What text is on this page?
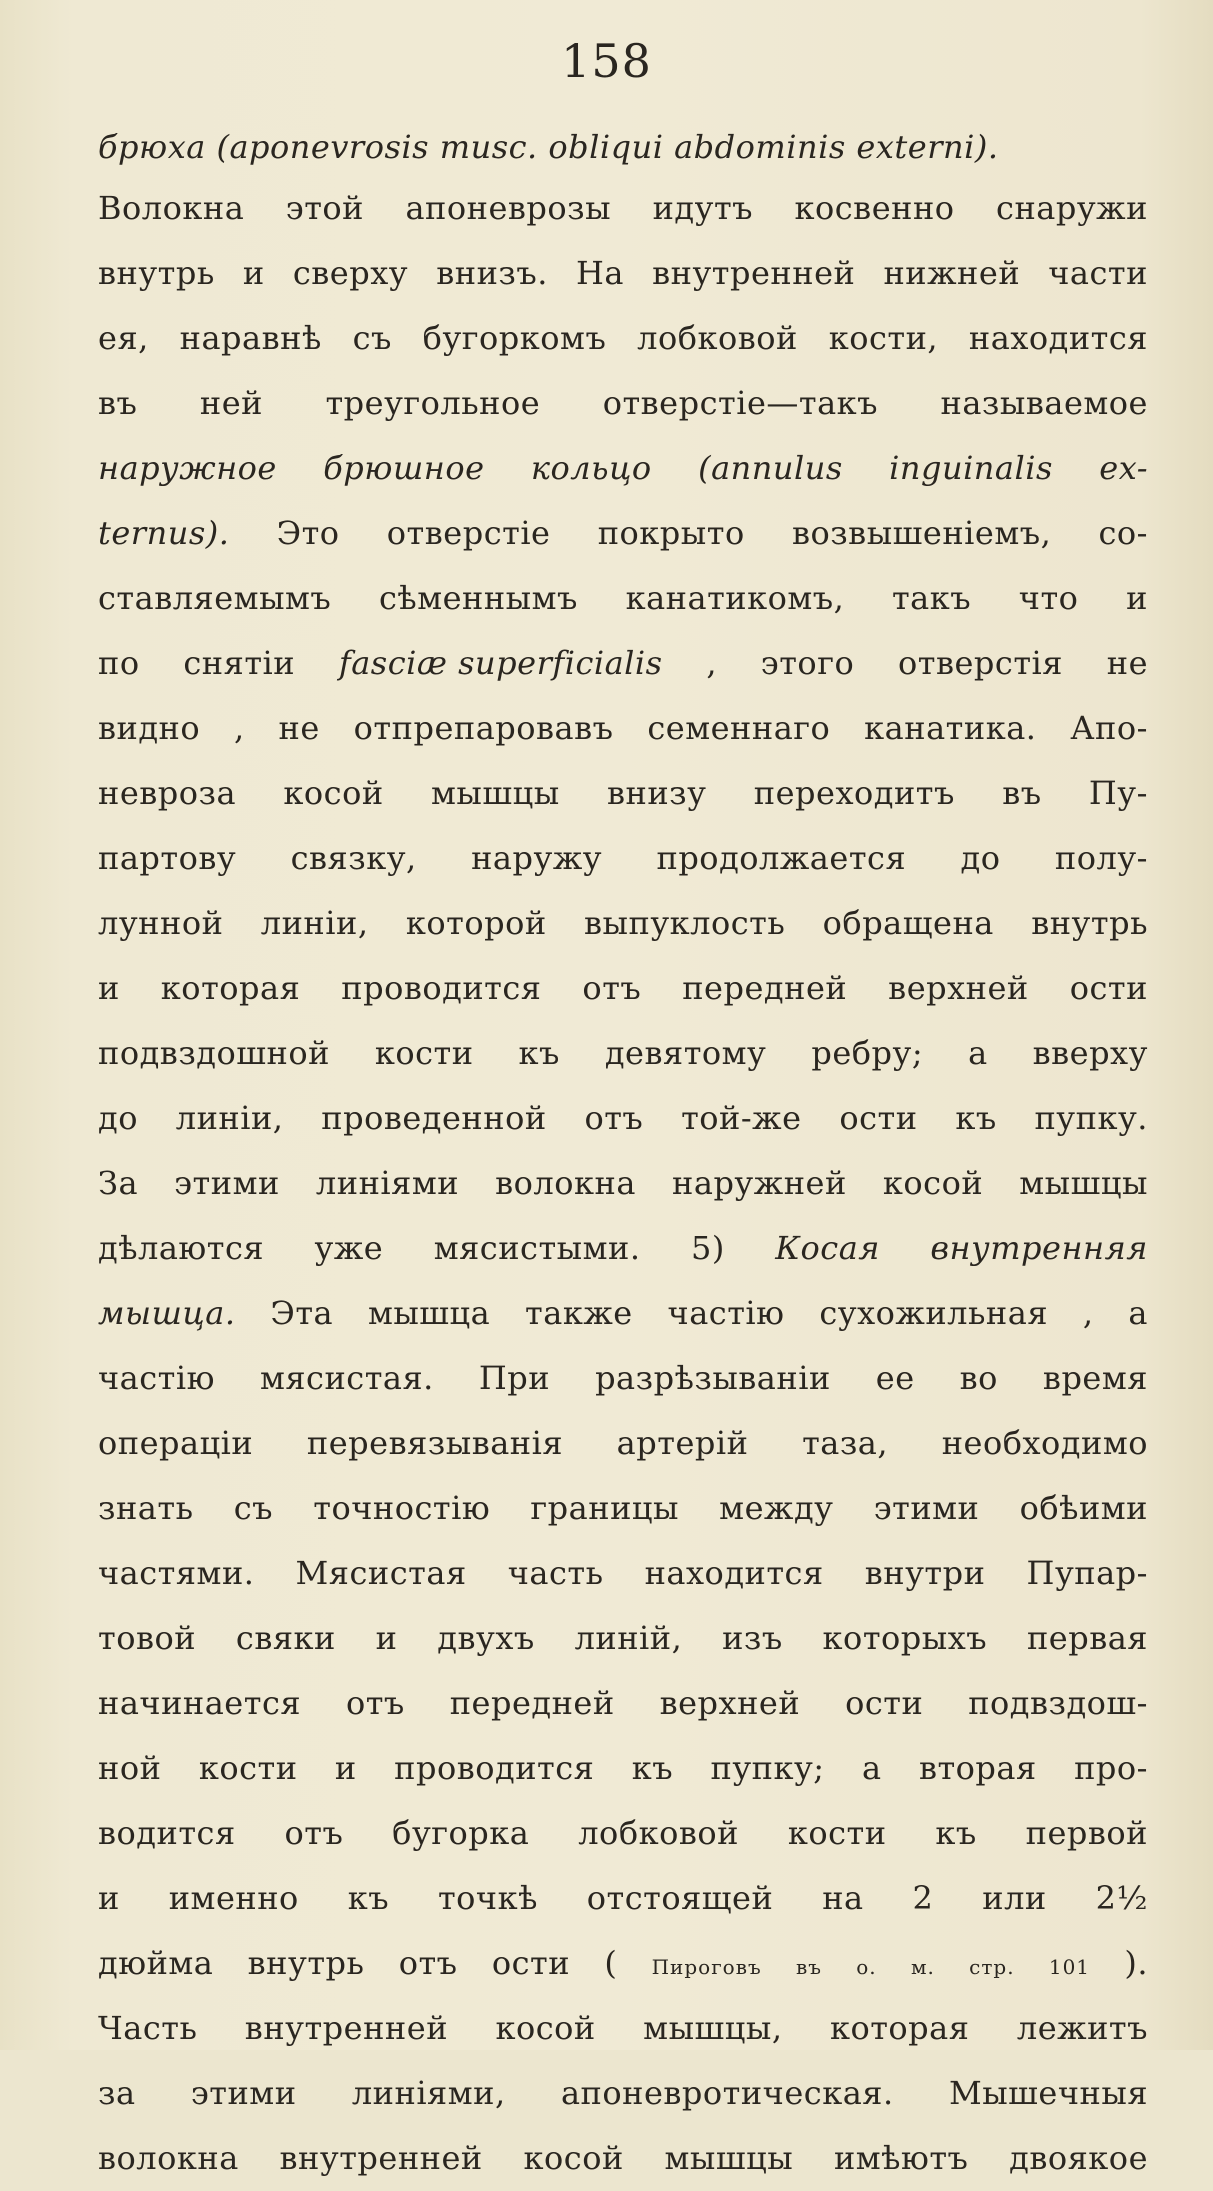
158
брюха (aponevrosis musc. obliqui abdominis externi).
Волокна этой апоневрозы идутъ косвенно снаружи
внутрь и сверху внизъ. На внутренней нижней части
ея, наравнѣ съ бугоркомъ лобковой кости, находится
въ ней треугольное отверстіе—такъ называемое
наружное брюшное кольцо (annulus inguinalis ex-
ternus). Это отверстіе покрыто возвышеніемъ, со-
ставляемымъ сѣменнымъ канатикомъ, такъ что и
по снятіи fasciæ superficialis , этого отверстія не
видно , не отпрепаровавъ семеннаго канатика. Апо-
невроза косой мышцы внизу переходитъ въ Пу-
партову связку, наружу продолжается до полу-
лунной линіи, которой выпуклость обращена внутрь
и которая проводится отъ передней верхней ости
подвздошной кости къ девятому ребру; а вверху
до линіи, проведенной отъ той-же ости къ пупку.
За этими линіями волокна наружней косой мышцы
дѣлаются уже мясистыми. 5) Косая внутренняя
мышца. Эта мышца также частію сухожильная , а
частію мясистая. При разрѣзываніи ее во время
операціи перевязыванія артерій таза, необходимо
знать съ точностію границы между этими обѣими
частями. Мясистая часть находится внутри Пупар-
товой свяки и двухъ линій, изъ которыхъ первая
начинается отъ передней верхней ости подвздош-
ной кости и проводится къ пупку; а вторая про-
водится отъ бугорка лобковой кости къ первой
и именно къ точкѣ отстоящей на 2 или 2½
дюйма внутрь отъ ости ( Пироговъ въ о. м. стр. 101 ).
Часть внутренней косой мышцы, которая лежитъ
за этими линіями, апоневротическая. Мышечныя
волокна внутренней косой мышцы имѣютъ двоякое
